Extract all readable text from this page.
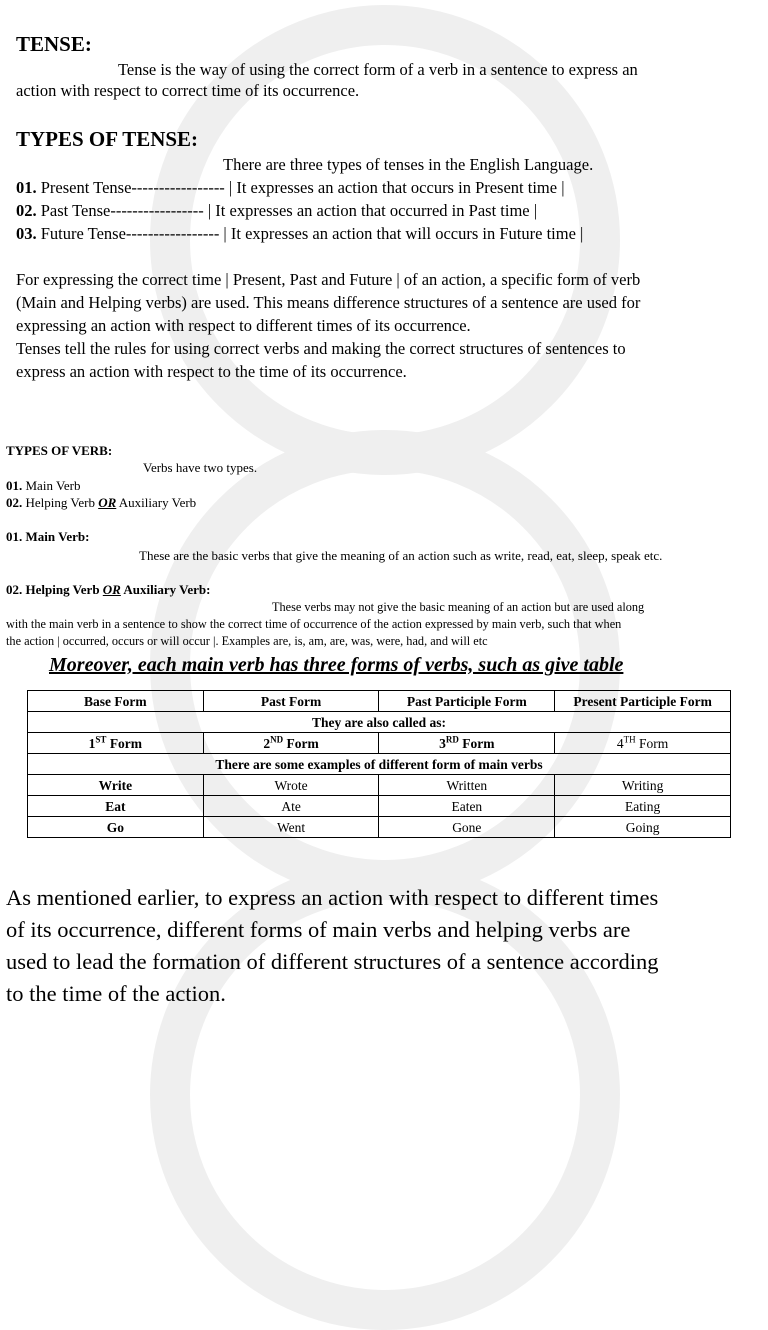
TENSE:
Tense is the way of using the correct form of a verb in a sentence to express an
action with respect to correct time of its occurrence.
TYPES OF TENSE:
There are three types of tenses in the English Language.
01. Present Tense----------------- | It expresses an action that occurs in Present time |
02. Past Tense----------------- | It expresses an action that occurred in Past time |
03. Future Tense----------------- | It expresses an action that will occurs in Future time |
For expressing the correct time | Present, Past and Future | of an action, a specific form of verb
(Main and Helping verbs) are used. This means difference structures of a sentence are used for
expressing an action with respect to different times of its occurrence.
Tenses tell the rules for using correct verbs and making the correct structures of sentences to
express an action with respect to the time of its occurrence.
TYPES OF VERB:
Verbs have two types.
01. Main Verb
02. Helping Verb OR Auxiliary Verb
01. Main Verb:
These are the basic verbs that give the meaning of an action such as write, read, eat, sleep, speak etc.
02. Helping Verb OR Auxiliary Verb:
These verbs may not give the basic meaning of an action but are used along
with the main verb in a sentence to show the correct time of occurrence of the action expressed by main verb, such that when
the action | occurred, occurs or will occur |. Examples are, is, am, are, was, were, had, and will etc
Moreover, each main verb has three forms of verbs, such as give table
Base Form	Past Form	Past Participle Form	Present Participle Form
They are also called as:			
1ST Form	2ND Form	3RD Form	4TH Form
There are some examples of different form of main verbs			
Write	Wrote	Written	Writing
Eat	Ate	Eaten	Eating
Go	Went	Gone	Going
As mentioned earlier, to express an action with respect to different times
of its occurrence, different forms of main verbs and helping verbs are
used to lead the formation of different structures of a sentence according
to the time of the action.
